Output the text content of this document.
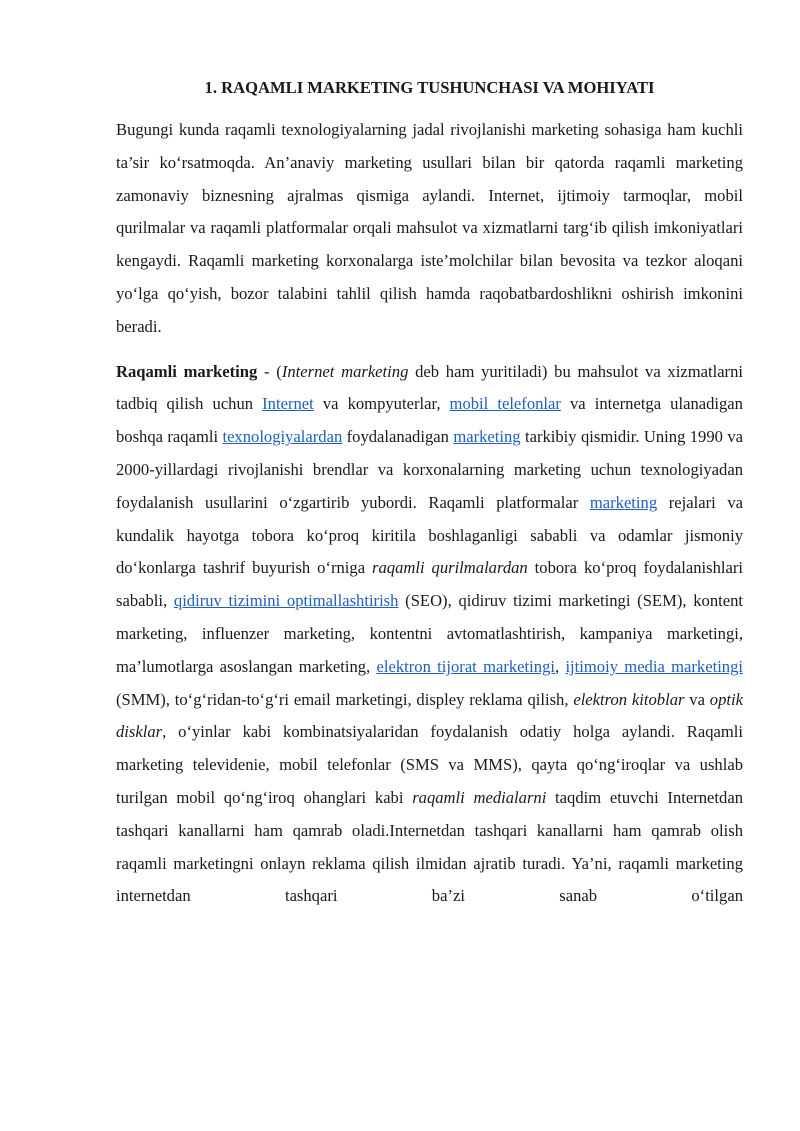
1. RAQAMLI MARKETING TUSHUNCHASI VA MOHIYATI

Bugungi kunda raqamli texnologiyalarning jadal rivojlanishi marketing sohasiga ham kuchli ta’sir ko‘rsatmoqda. An’anaviy marketing usullari bilan bir qatorda raqamli marketing zamonaviy biznesning ajralmas qismiga aylandi. Internet, ijtimoiy tarmoqlar, mobil qurilmalar va raqamli platformalar orqali mahsulot va xizmatlarni targ‘ib qilish imkoniyatlari kengaydi. Raqamli marketing korxonalarga iste’molchilar bilan bevosita va tezkor aloqani yo‘lga qo‘yish, bozor talabini tahlil qilish hamda raqobatbardoshlikni oshirish imkonini beradi.

Raqamli marketing - (Internet marketing deb ham yuritiladi) bu mahsulot va xizmatlarni tadbiq qilish uchun Internet va kompyuterlar, mobil telefonlar va internetga ulanadigan boshqa raqamli texnologiyalardan foydalanadigan marketing tarkibiy qismidir. Uning 1990 va 2000-yillardagi rivojlanishi brendlar va korxonalarning marketing uchun texnologiyadan foydalanish usullarini o‘zgartirib yubordi. Raqamli platformalar marketing rejalari va kundalik hayotga tobora ko‘proq kiritila boshlaganligi sababli va odamlar jismoniy do‘konlarga tashrif buyurish o‘rniga raqamli qurilmalardan tobora ko‘proq foydalanishlari sababli, qidiruv tizimini optimallashtirish (SEO), qidiruv tizimi marketingi (SEM), kontent marketing, influenzer marketing, kontentni avtomatlashtirish, kampaniya marketingi, ma’lumotlarga asoslangan marketing, elektron tijorat marketingi, ijtimoiy media marketingi (SMM), to‘g‘ridan-to‘g‘ri email marketingi, displey reklama qilish, elektron kitoblar va optik disklar, o‘yinlar kabi kombinatsiyalaridan foydalanish odatiy holga aylandi. Raqamli marketing televidenie, mobil telefonlar (SMS va MMS), qayta qo‘ng‘iroqlar va ushlab turilgan mobil qo‘ng‘iroq ohanglari kabi raqamli medialarni taqdim etuvchi Internetdan tashqari kanallarni ham qamrab oladi.Internetdan tashqari kanallarni ham qamrab olish raqamli marketingni onlayn reklama qilish ilmidan ajratib turadi. Ya’ni, raqamli marketing internetdan tashqari ba’zi sanab o‘tilgan
